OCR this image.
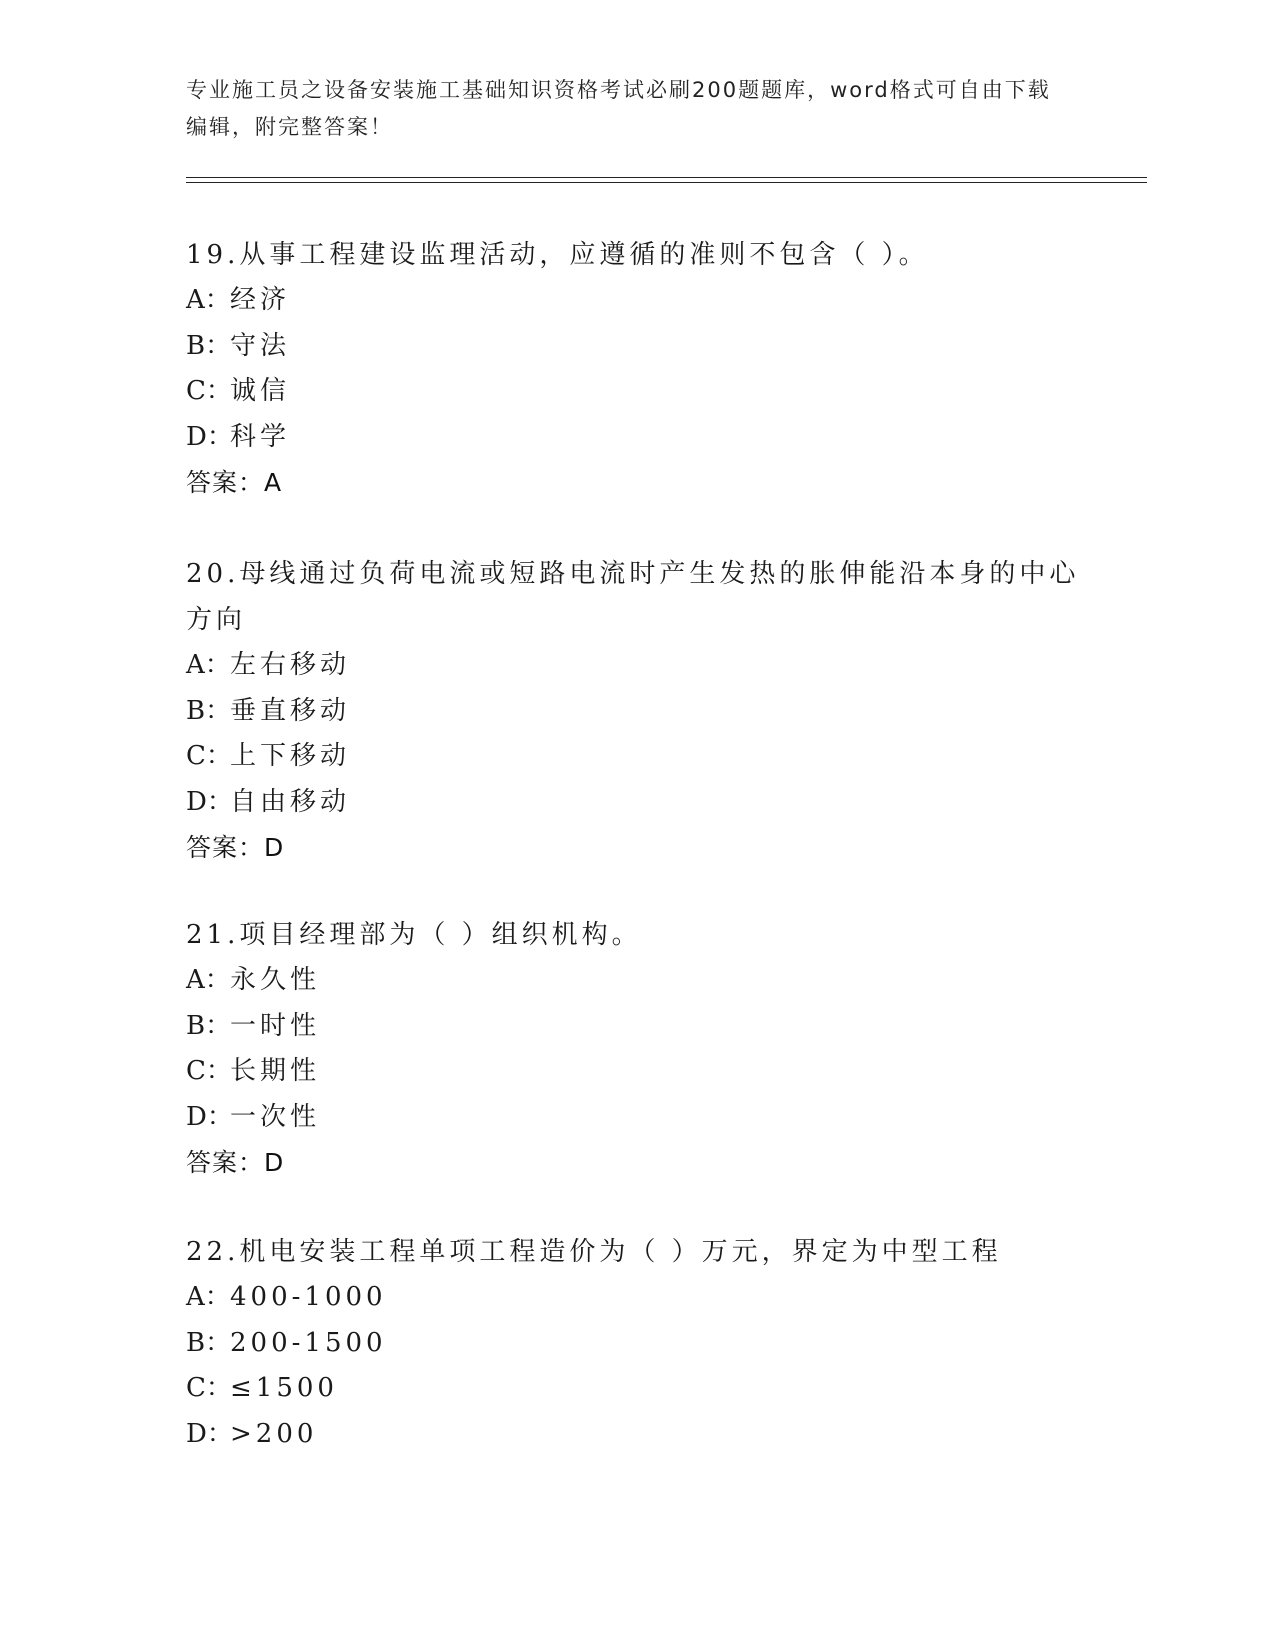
专业施工员之设备安装施工基础知识资格考试必刷200题题库，word格式可自由下载编辑，附完整答案！

19.从事工程建设监理活动，应遵循的准则不包含（ ）。

A：经济

B：守法

C：诚信

D：科学

答案：A

20.母线通过负荷电流或短路电流时产生发热的胀伸能沿本身的中心方向

A：左右移动

B：垂直移动

C：上下移动

D：自由移动

答案：D

21.项目经理部为（ ）组织机构。

A：永久性

B：一时性

C：长期性

D：一次性

答案：D

22.机电安装工程单项工程造价为（ ）万元，界定为中型工程

A：400-1000

B：200-1500

C：≤1500

D：>200
